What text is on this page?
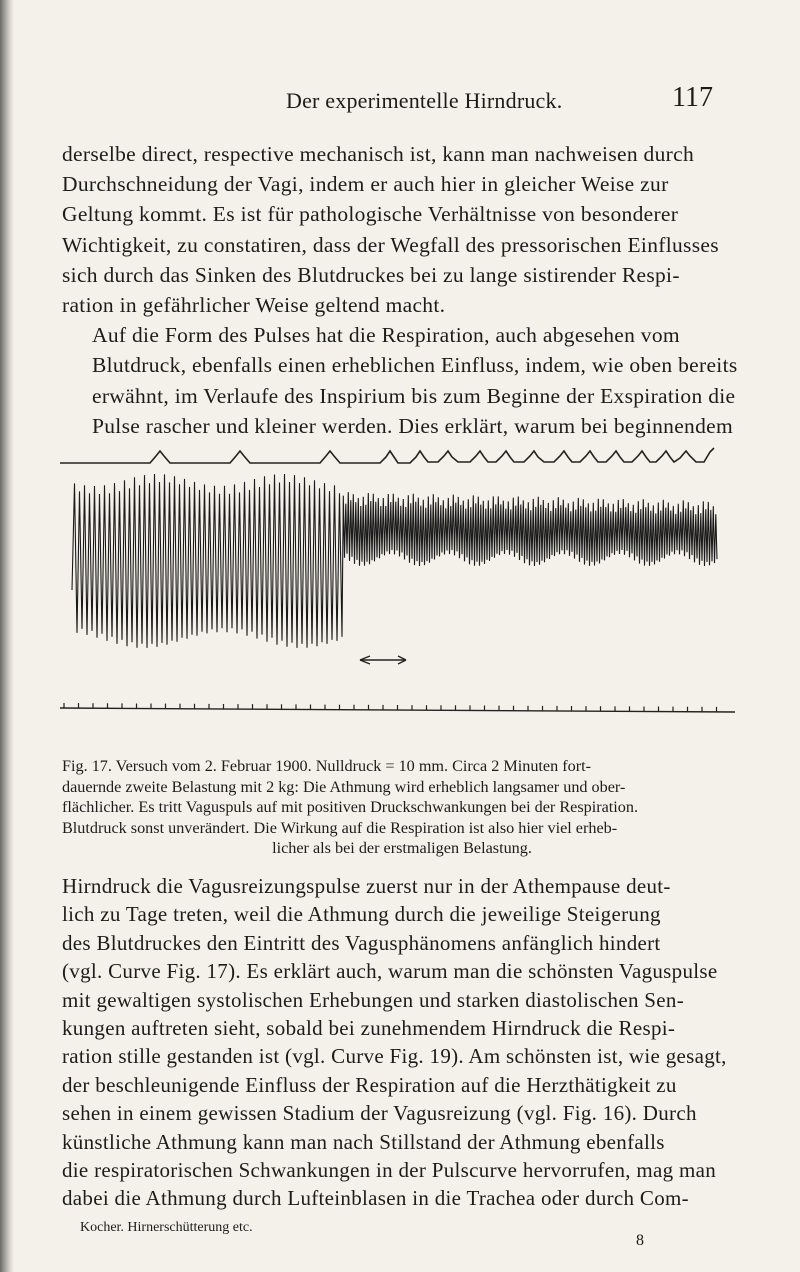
Der experimentelle Hirndruck.	117

derselbe direct, respective mechanisch ist, kann man nachweisen durch
Durchschneidung der Vagi, indem er auch hier in gleicher Weise zur
Geltung kommt. Es ist für pathologische Verhältnisse von besonderer
Wichtigkeit, zu constatiren, dass der Wegfall des pressorischen Einflusses
sich durch das Sinken des Blutdruckes bei zu lange sistirender Respi-
ration in gefährlicher Weise geltend macht.

Auf die Form des Pulses hat die Respiration, auch abgesehen vom
Blutdruck, ebenfalls einen erheblichen Einfluss, indem, wie oben bereits
erwähnt, im Verlaufe des Inspirium bis zum Beginne der Exspiration die
Pulse rascher und kleiner werden. Dies erklärt, warum bei beginnendem

Fig. 17. Versuch vom 2. Februar 1900. Nulldruck = 10 mm. Circa 2 Minuten fort-
dauernde zweite Belastung mit 2 kg: Die Athmung wird erheblich langsamer und ober-
flächlicher. Es tritt Vaguspuls auf mit positiven Druckschwankungen bei der Respiration.
Blutdruck sonst unverändert. Die Wirkung auf die Respiration ist also hier viel erheb-
licher als bei der erstmaligen Belastung.

Hirndruck die Vagusreizungspulse zuerst nur in der Athempause deut-
lich zu Tage treten, weil die Athmung durch die jeweilige Steigerung
des Blutdruckes den Eintritt des Vagusphänomens anfänglich hindert
(vgl. Curve Fig. 17). Es erklärt auch, warum man die schönsten Vaguspulse
mit gewaltigen systolischen Erhebungen und starken diastolischen Sen-
kungen auftreten sieht, sobald bei zunehmendem Hirndruck die Respi-
ration stille gestanden ist (vgl. Curve Fig. 19). Am schönsten ist, wie gesagt,
der beschleunigende Einfluss der Respiration auf die Herzthätigkeit zu
sehen in einem gewissen Stadium der Vagusreizung (vgl. Fig. 16). Durch
künstliche Athmung kann man nach Stillstand der Athmung ebenfalls
die respiratorischen Schwankungen in der Pulscurve hervorrufen, mag man
dabei die Athmung durch Lufteinblasen in die Trachea oder durch Com-

Kocher. Hirnerschütterung etc.
8
